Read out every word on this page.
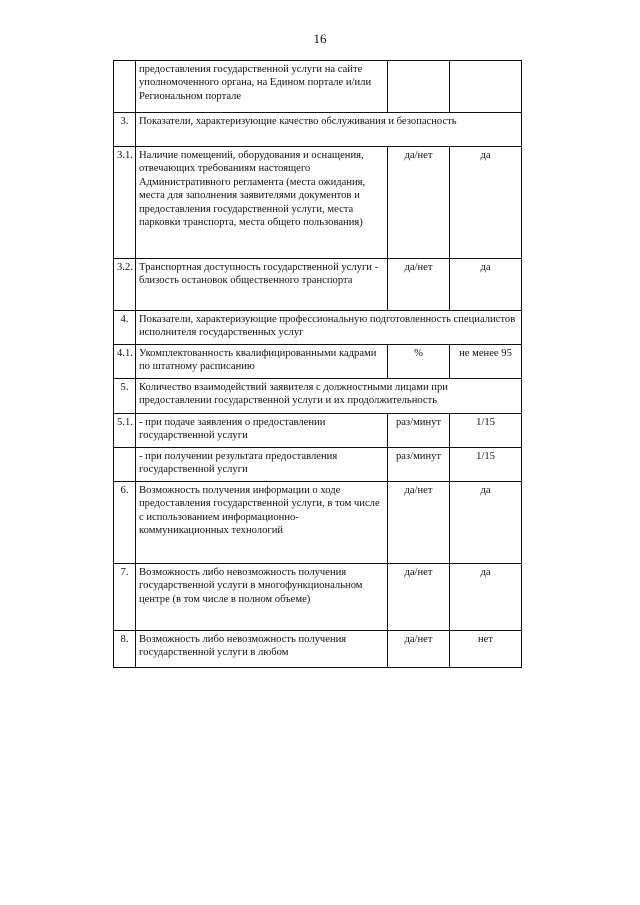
16
	предоставления государственной услуги на сайте уполномоченного органа, на Едином портале и/или Региональном портале		
3.	Показатели, характеризующие качество обслуживания и безопасность		
3.1.	Наличие помещений, оборудования и оснащения, отвечающих требованиям настоящего Административного регламента (места ожидания, места для заполнения заявителями документов и предоставления государственной услуги, места парковки транспорта, места общего пользования)	да/нет	да
3.2.	Транспортная доступность государственной услуги - близость остановок общественного транспорта	да/нет	да
4.	Показатели, характеризующие профессиональную подготовленность специалистов исполнителя государственных услуг		
4.1.	Укомплектованность квалифицированными кадрами по штатному расписанию	%	не менее 95
5.	Количество взаимодействий заявителя с должностными лицами при предоставлении государственной услуги и их продолжительность		
5.1.	- при подаче заявления о предоставлении государственной услуги	раз/минут	1/15
	- при получении результата предоставления государственной услуги	раз/минут	1/15
6.	Возможность получения информации о ходе предоставления государственной услуги, в том числе с использованием информационно-коммуникационных технологий	да/нет	да
7.	Возможность либо невозможность получения государственной услуги в многофункциональном центре (в том числе в полном объеме)	да/нет	да
8.	Возможность либо невозможность получения государственной услуги в любом	да/нет	нет
